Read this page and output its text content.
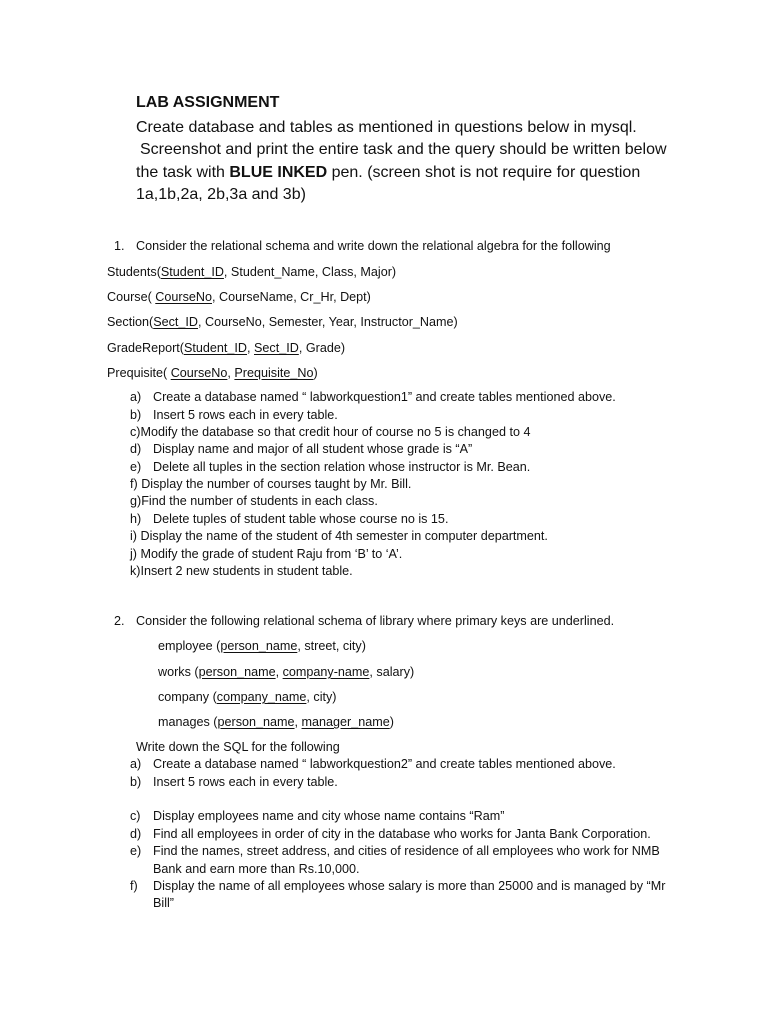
LAB ASSIGNMENT
Create database and tables as mentioned in questions below in mysql.
Screenshot and print the entire task and the query should be written below
the task with BLUE INKED pen. (screen shot is not require for question
1a,1b,2a, 2b,3a and 3b)
1. Consider the relational schema and write down the relational algebra for the following
Students(Student_ID, Student_Name, Class, Major)
Course( CourseNo, CourseName, Cr_Hr, Dept)
Section(Sect_ID, CourseNo, Semester, Year, Instructor_Name)
GradeReport(Student_ID, Sect_ID, Grade)
Prequisite( CourseNo, Prequisite_No)
a) Create a database named “ labworkquestion1” and create tables mentioned above.
b) Insert 5 rows each in every table.
c)Modify the database so that credit hour of course no 5 is changed to 4
d) Display name and major of all student whose grade is “A”
e) Delete all tuples in the section relation whose instructor is Mr. Bean.
f) Display the number of courses taught by Mr. Bill.
g)Find the number of students in each class.
h) Delete tuples of student table whose course no is 15.
i) Display the name of the student of 4th semester in computer department.
j) Modify the grade of student Raju from ‘B’ to ‘A’.
k)Insert 2 new students in student table.
2. Consider the following relational schema of library where primary keys are underlined.
employee (person_name, street, city)
works (person_name, company-name, salary)
company (company_name, city)
manages (person_name, manager_name)
Write down the SQL for the following
a) Create a database named “ labworkquestion2” and create tables mentioned above.
b) Insert 5 rows each in every table.
c) Display employees name and city whose name contains “Ram”
d) Find all employees in order of city in the database who works for Janta Bank Corporation.
e) Find the names, street address, and cities of residence of all employees who work for NMB
Bank and earn more than Rs.10,000.
f) Display the name of all employees whose salary is more than 25000 and is managed by “Mr
Bill”
